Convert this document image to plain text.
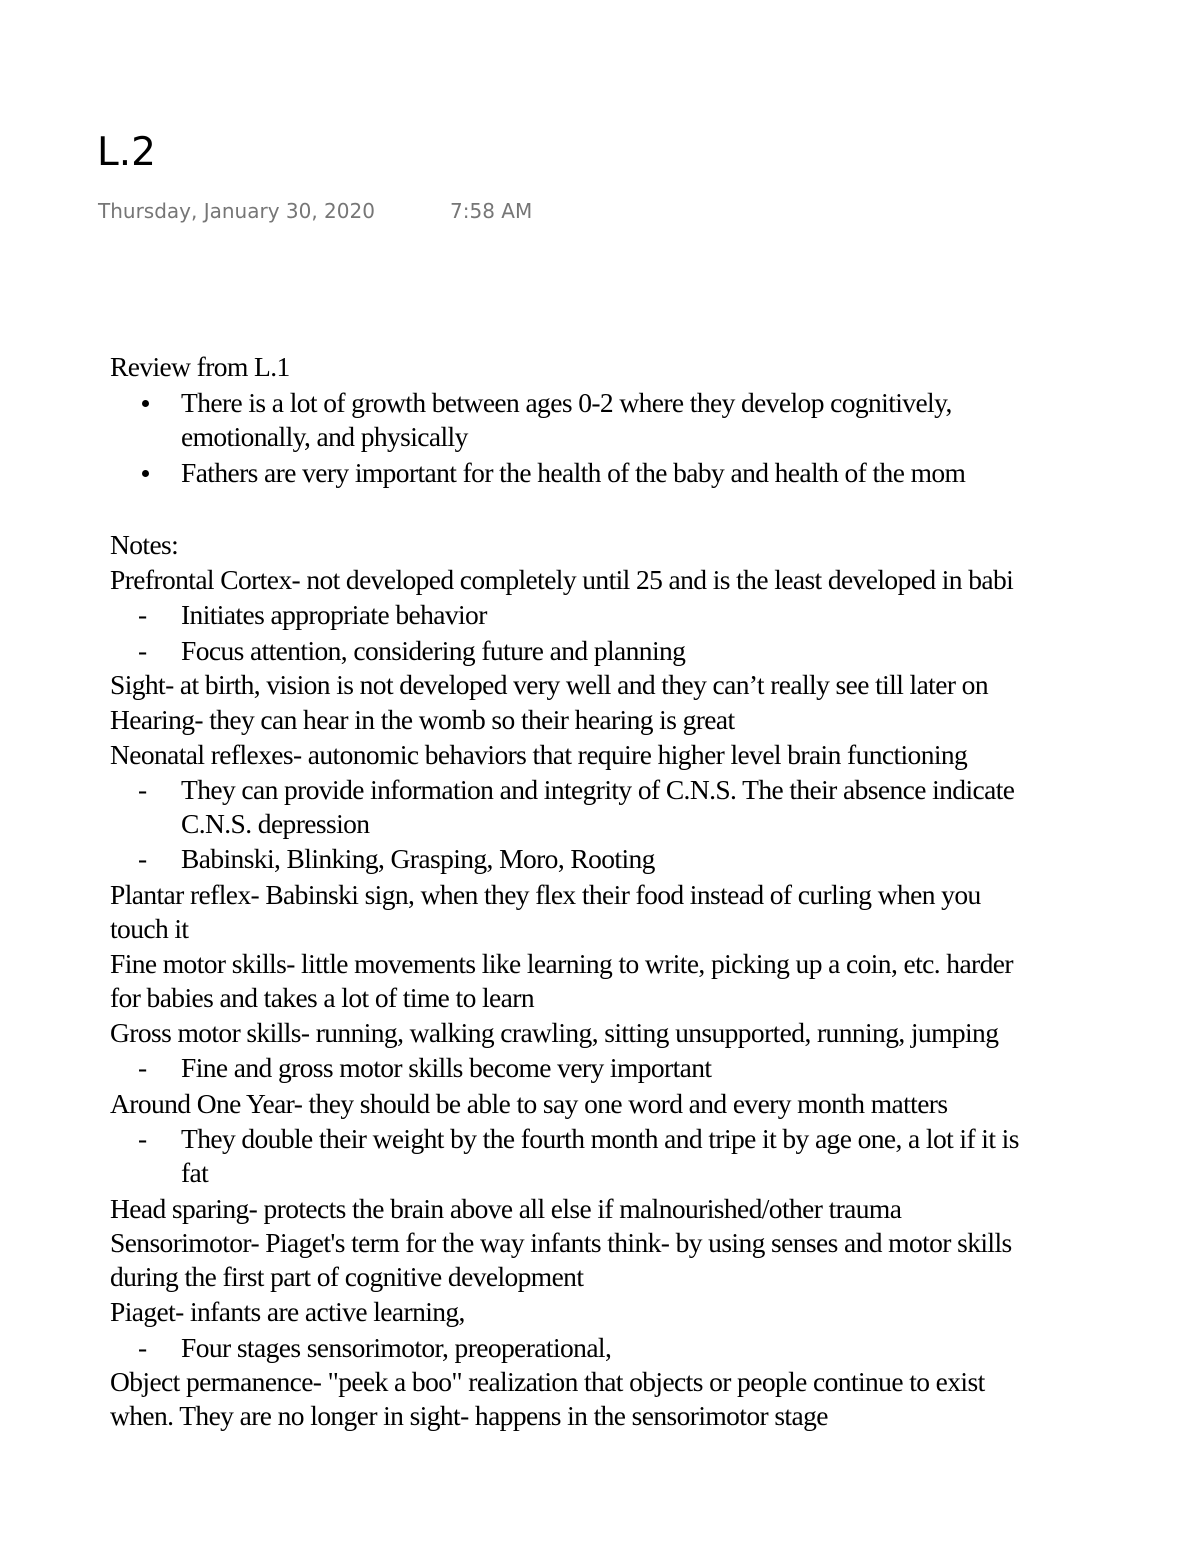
L.2
Thursday, January 30, 2020	7:58 AM
Review from L.1
There is a lot of growth between ages 0-2 where they develop cognitively,
emotionally, and physically
Fathers are very important for the health of the baby and health of the mom
Notes:
Prefrontal Cortex- not developed completely until 25 and is the least developed in babi
- Initiates appropriate behavior
- Focus attention, considering future and planning
Sight- at birth, vision is not developed very well and they can’t really see till later on
Hearing- they can hear in the womb so their hearing is great
Neonatal reflexes- autonomic behaviors that require higher level brain functioning
- They can provide information and integrity of C.N.S. The their absence indicate
C.N.S. depression
- Babinski, Blinking, Grasping, Moro, Rooting
Plantar reflex- Babinski sign, when they flex their food instead of curling when you
touch it
Fine motor skills- little movements like learning to write, picking up a coin, etc. harder
for babies and takes a lot of time to learn
Gross motor skills- running, walking crawling, sitting unsupported, running, jumping
- Fine and gross motor skills become very important
Around One Year- they should be able to say one word and every month matters
- They double their weight by the fourth month and tripe it by age one, a lot if it is
fat
Head sparing- protects the brain above all else if malnourished/other trauma
Sensorimotor- Piaget's term for the way infants think- by using senses and motor skills
during the first part of cognitive development
Piaget- infants are active learning,
- Four stages sensorimotor, preoperational,
Object permanence- "peek a boo" realization that objects or people continue to exist
when. They are no longer in sight- happens in the sensorimotor stage
